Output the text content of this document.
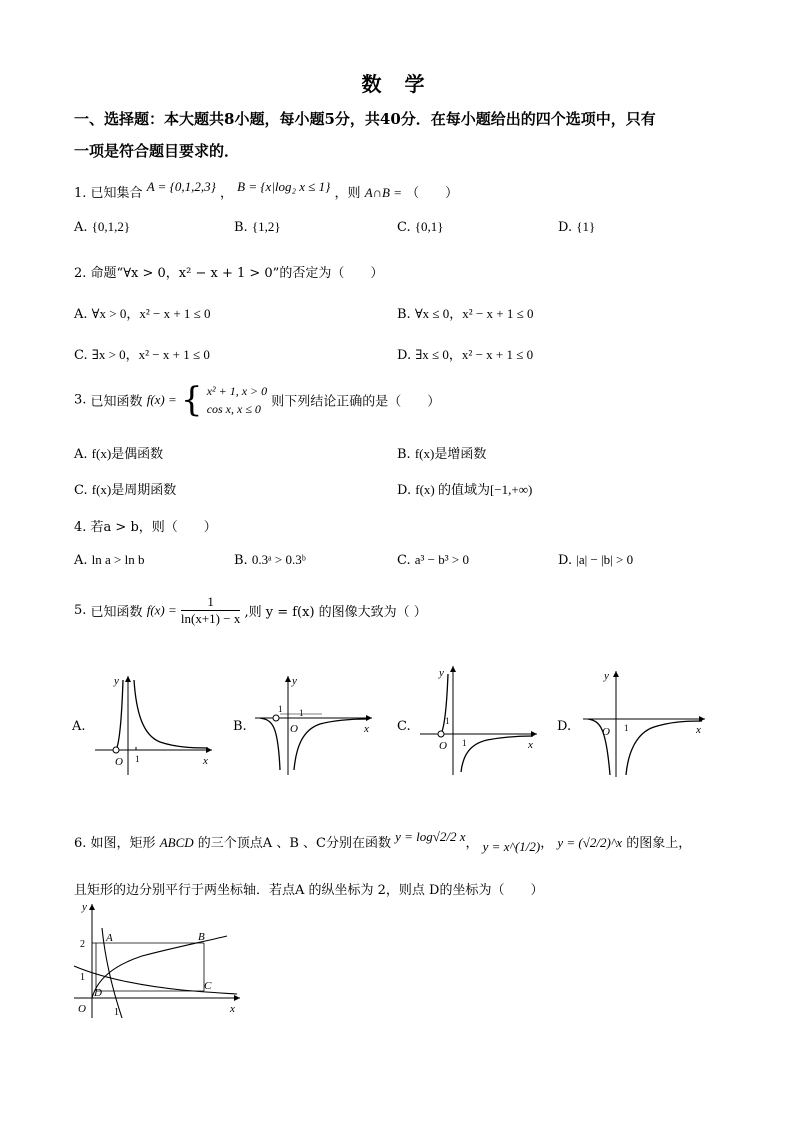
数 学
一、选择题：本大题共8小题，每小题5分，共40分．在每小题给出的四个选项中，只有
一项是符合题目要求的．
1. 已知集合 A = {0,1,2,3} ， B = {x|log₂ x ≤ 1} ，则 A∩B = （　　）
A. {0,1,2}	B. {1,2}	C. {0,1}	D. {1}
2. 命题“∀x > 0，x² − x + 1 > 0”的否定为（　　）
A. ∀x > 0，x² − x + 1 ≤ 0	B. ∀x ≤ 0，x² − x + 1 ≤ 0
C. ∃x > 0，x² − x + 1 ≤ 0	D. ∃x ≤ 0，x² − x + 1 ≤ 0
3. 已知函数 f(x) = { x² + 1, x > 0
cos x, x ≤ 0 则下列结论正确的是（　　）
A. f(x)是偶函数	B. f(x)是增函数
C. f(x)是周期函数	D. f(x) 的值域为[−1,+∞)
4. 若a > b，则（　　）
A. ln a > ln b	B. 0.3ᵃ > 0.3ᵇ	C. a³ − b³ > 0	D. |a| − |b| > 0
5. 已知函数 $f(x) = \frac{1}{\ln(x+1) - x}$ ,则 y = f(x) 的图像大致为（ ）
A.	B.	C.	D.
y
x
O 1
y
x
O
1 1
y
x
O
1
1
y
x
O 1
6. 如图，矩形 ABCD 的三个顶点A 、B 、C分别在函数 y = log√2/2 x， y = x^(1/2)， y = (√2/2)^x 的图象上，
且矩形的边分别平行于两坐标轴．若点A 的纵坐标为 2，则点 D的坐标为（　　）
y
x
O	1
1
2
A	B
C
D
